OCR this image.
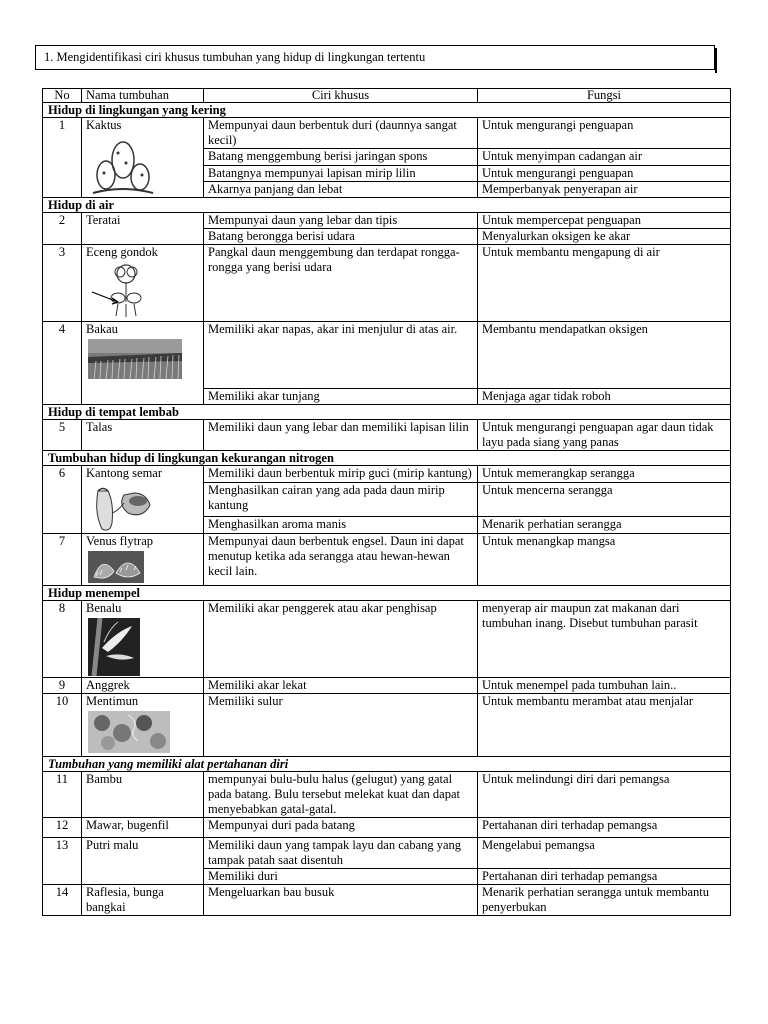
1. Mengidentifikasi ciri khusus tumbuhan yang hidup di lingkungan tertentu
No	Nama tumbuhan	Ciri khusus	Fungsi
Hidup di lingkungan yang kering			
1	Kaktus	Mempunyai daun berbentuk duri (daunnya sangat kecil)	Untuk mengurangi penguapan
		Batang menggembung berisi jaringan spons	Untuk menyimpan cadangan air
		Batangnya mempunyai lapisan mirip lilin	Untuk mengurangi penguapan
		Akarnya panjang dan lebat	Memperbanyak penyerapan air
Hidup di air			
2	Teratai	Mempunyai daun yang lebar dan tipis	Untuk mempercepat penguapan
		Batang berongga berisi udara	Menyalurkan oksigen ke akar
3	Eceng gondok	Pangkal daun menggembung dan terdapat rongga-rongga yang berisi udara	Untuk membantu mengapung di air
4	Bakau	Memiliki akar napas, akar ini menjulur di atas air.	Membantu mendapatkan oksigen
		Memiliki akar tunjang	Menjaga agar tidak roboh
Hidup di tempat lembab			
5	Talas	Memiliki daun yang lebar dan memiliki lapisan lilin	Untuk mengurangi penguapan agar daun tidak layu pada siang yang panas
Tumbuhan hidup di lingkungan kekurangan nitrogen			
6	Kantong semar	Memiliki daun berbentuk mirip guci (mirip kantung)	Untuk memerangkap serangga
		Menghasilkan cairan yang ada pada daun mirip kantung	Untuk mencerna serangga
		Menghasilkan aroma manis	Menarik perhatian serangga
7	Venus flytrap	Mempunyai daun berbentuk engsel. Daun ini dapat menutup ketika ada serangga atau hewan-hewan kecil lain.	Untuk menangkap mangsa
Hidup menempel			
8	Benalu	Memiliki akar penggerek atau akar penghisap	menyerap air maupun zat makanan dari tumbuhan inang. Disebut tumbuhan parasit
9	Anggrek	Memiliki akar lekat	Untuk menempel pada tumbuhan lain..
10	Mentimun	Memiliki sulur	Untuk membantu merambat atau menjalar
Tumbuhan yang memiliki alat pertahanan diri			
11	Bambu	mempunyai bulu-bulu halus (gelugut) yang gatal pada batang. Bulu tersebut melekat kuat dan dapat menyebabkan gatal-gatal.	Untuk melindungi diri dari pemangsa
12	Mawar, bugenfil	Mempunyai duri pada batang	Pertahanan diri terhadap pemangsa
13	Putri malu	Memiliki daun yang tampak layu dan cabang yang tampak patah saat disentuh	Mengelabui pemangsa
		Memiliki duri	Pertahanan diri terhadap pemangsa
14	Raflesia, bunga bangkai	Mengeluarkan bau busuk	Menarik perhatian serangga untuk membantu penyerbukan
